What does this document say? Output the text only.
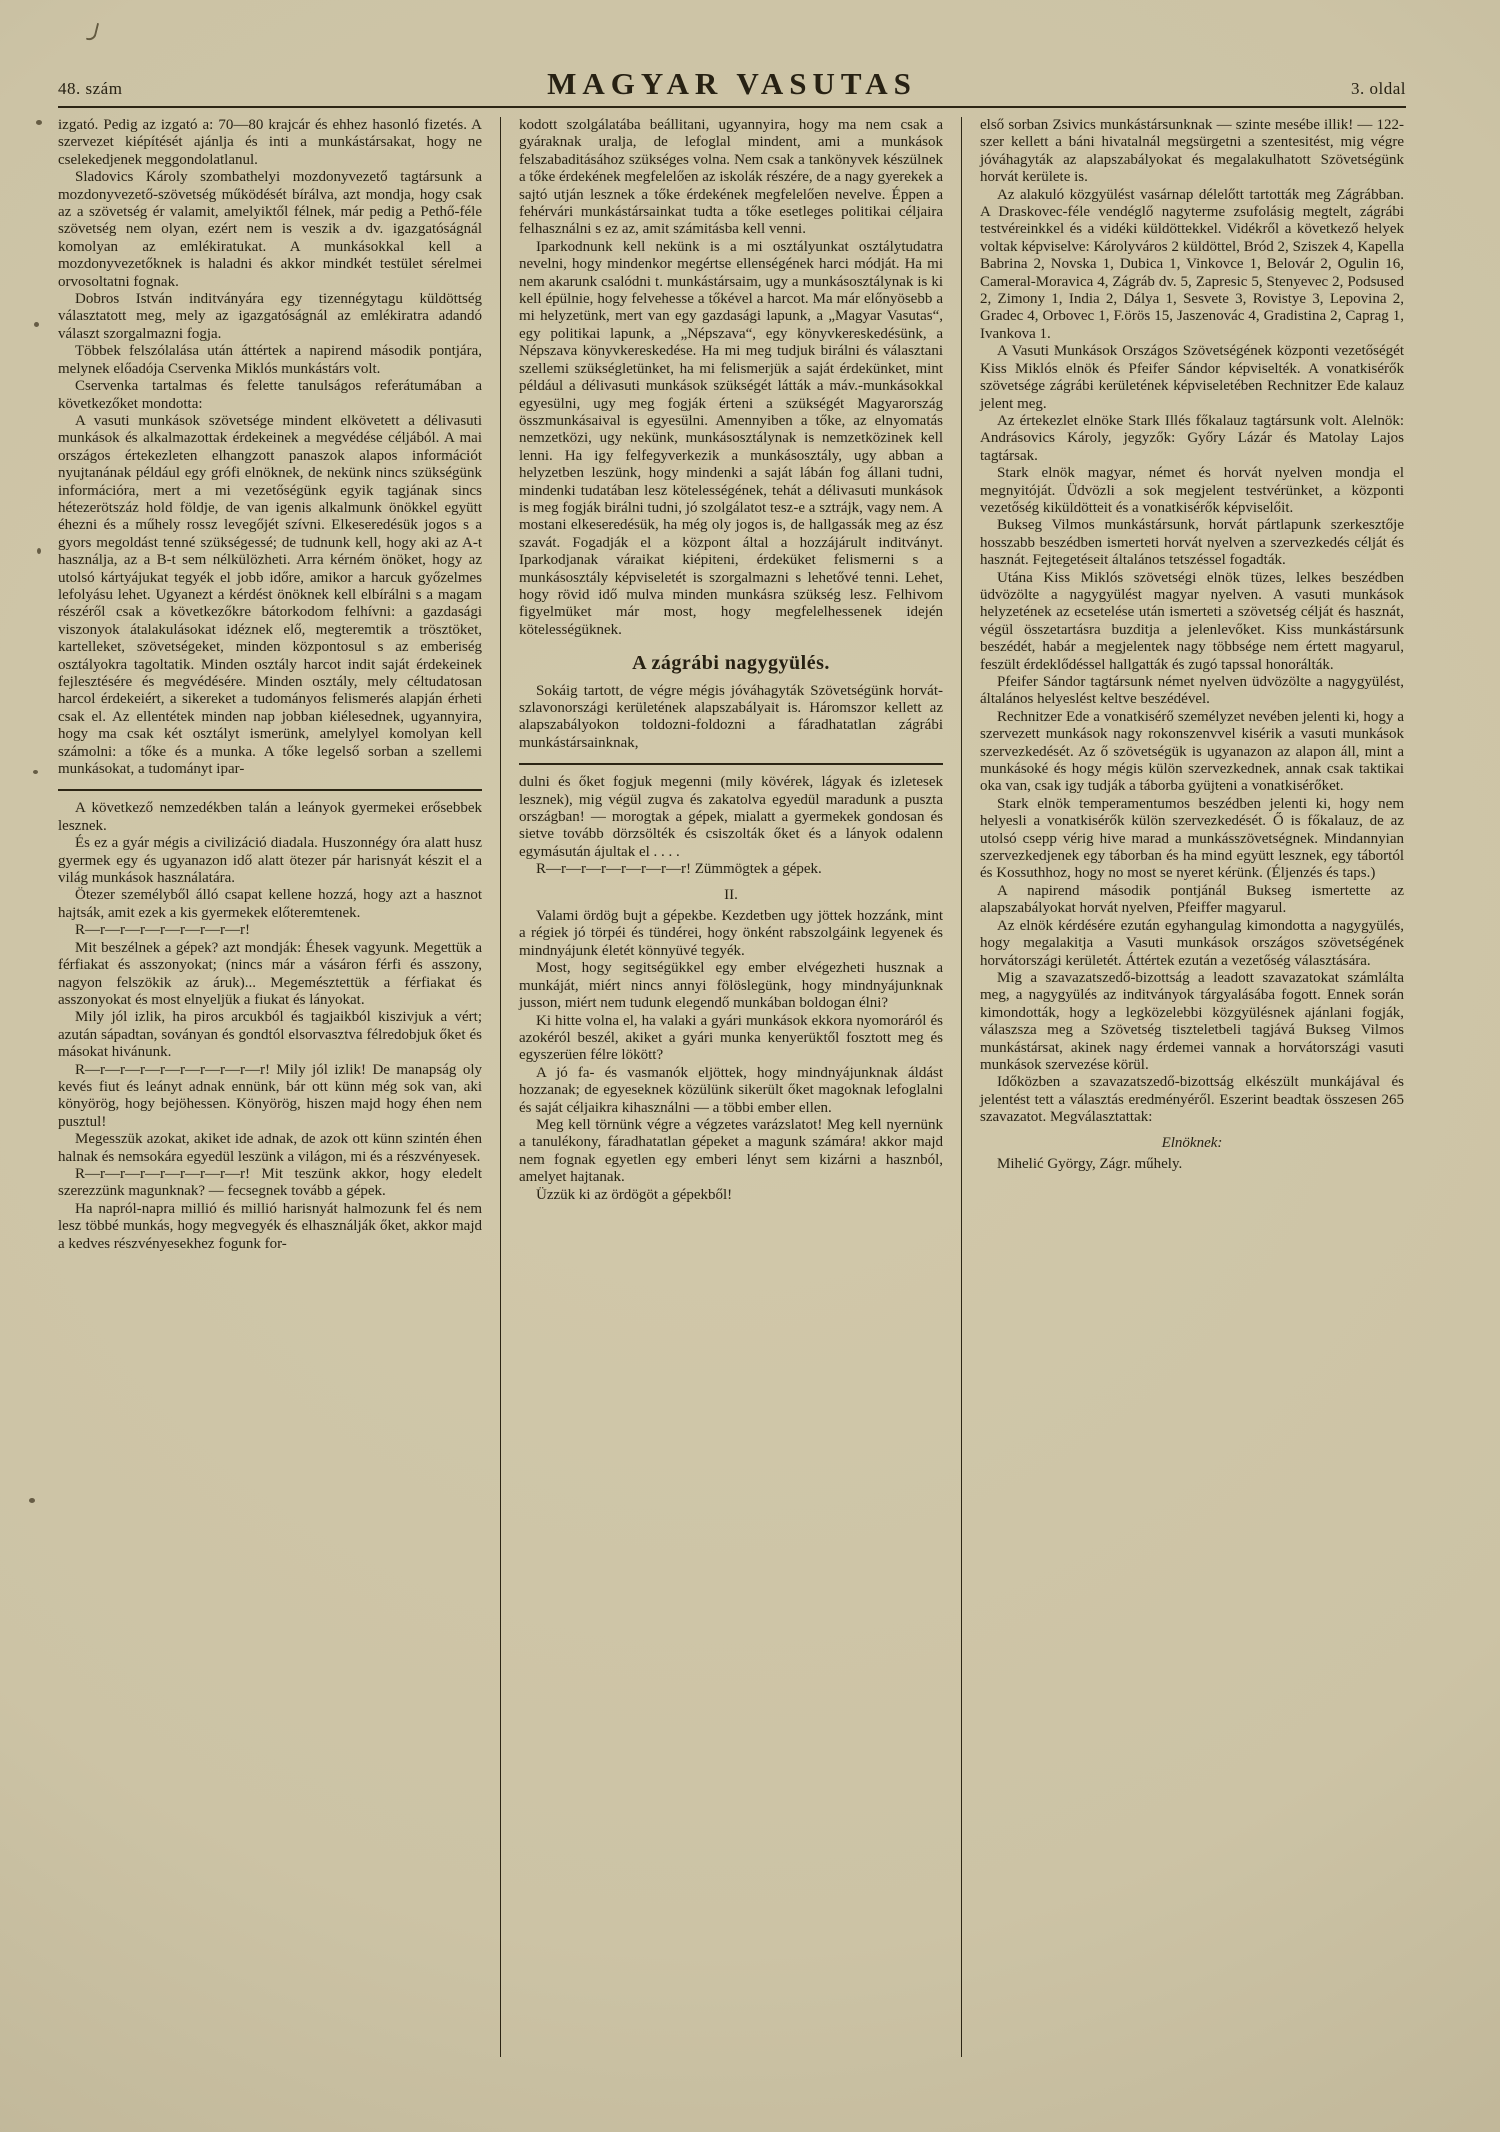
48. szám	MAGYAR VASUTAS	3. oldal

izgató. Pedig az izgató a: 70—80 krajcár és ehhez hasonló fizetés. A szervezet kiépítését ajánlja és inti a munkástársakat, hogy ne cselekedjenek meggondolatlanul.

Sladovics Károly szombathelyi mozdonyvezető tagtársunk a mozdonyvezető-szövetség működését bírálva, azt mondja, hogy csak az a szövetség ér valamit, amelyiktől félnek, már pedig a Pethő-féle szövetség nem olyan, ezért nem is veszik a dv. igazgatóságnál komolyan az emlékiratukat. A munkásokkal kell a mozdonyvezetőknek is haladni és akkor mindkét testület sérelmei orvosoltatni fognak.

Dobros István inditványára egy tizennégytagu küldöttség választatott meg, mely az igazgatóságnál az emlékiratra adandó választ szorgalmazni fogja.

Többek felszólalása után áttértek a napirend második pontjára, melynek előadója Cservenka Miklós munkástárs volt.

Cservenka tartalmas és felette tanulságos referátumában a következőket mondotta:

A vasuti munkások szövetsége mindent elkövetett a délivasuti munkások és alkalmazottak érdekeinek a megvédése céljából. A mai országos értekezleten elhangzott panaszok alapos információt nyujtanának például egy grófi elnöknek, de nekünk nincs szükségünk információra, mert a mi vezetőségünk egyik tagjának sincs hétezerötszáz hold földje, de van igenis alkalmunk önökkel együtt éhezni és a műhely rossz levegőjét szívni. Elkeseredésük jogos s a gyors megoldást tenné szükségessé; de tudnunk kell, hogy aki az A-t használja, az a B-t sem nélkülözheti. Arra kérném önöket, hogy az utolsó kártyájukat tegyék el jobb időre, amikor a harcuk győzelmes lefolyásu lehet. Ugyanezt a kérdést önöknek kell elbírálni s a magam részéről csak a következőkre bátorkodom felhívni: a gazdasági viszonyok átalakulásokat idéznek elő, megteremtik a trösztöket, kartelleket, szövetségeket, minden központosul s az emberiség osztályokra tagoltatik. Minden osztály harcot indit saját érdekeinek fejlesztésére és megvédésére. Minden osztály, mely céltudatosan harcol érdekeiért, a sikereket a tudományos felismerés alapján érheti csak el. Az ellentétek minden nap jobban kiélesednek, ugyannyira, hogy ma csak két osztályt ismerünk, amelylyel komolyan kell számolni: a tőke és a munka. A tőke legelső sorban a szellemi munkásokat, a tudományt ipar-

A következő nemzedékben talán a leányok gyermekei erősebbek lesznek.

És ez a gyár mégis a civilizáció diadala. Huszonnégy óra alatt husz gyermek egy és ugyanazon idő alatt ötezer pár harisnyát készit el a világ munkások használatára.

Ötezer személyből álló csapat kellene hozzá, hogy azt a hasznot hajtsák, amit ezek a kis gyermekek előteremtenek.

R—r—r—r—r—r—r—r—r!

Mit beszélnek a gépek? azt mondják: Éhesek vagyunk. Megettük a férfiakat és asszonyokat; (nincs már a vásáron férfi és asszony, nagyon felszökik az áruk)... Megemésztettük a férfiakat és asszonyokat és most elnyeljük a fiukat és lányokat.

Mily jól izlik, ha piros arcukból és tagjaikból kiszivjuk a vért; azután sápadtan, soványan és gondtól elsorvasztva félredobjuk őket és másokat hivánunk.

R—r—r—r—r—r—r—r—r—r! Mily jól izlik! De manapság oly kevés fiut és leányt adnak ennünk, bár ott künn még sok van, aki könyörög, hogy bejöhessen. Könyörög, hiszen majd hogy éhen nem pusztul!

Megesszük azokat, akiket ide adnak, de azok ott künn szintén éhen halnak és nemsokára egyedül leszünk a világon, mi és a részvényesek.

R—r—r—r—r—r—r—r—r! Mit teszünk akkor, hogy eledelt szerezzünk magunknak? — fecsegnek tovább a gépek.

Ha napról-napra millió és millió harisnyát halmozunk fel és nem lesz többé munkás, hogy megvegyék és elhasználják őket, akkor majd a kedves részvényesekhez fogunk for-

kodott szolgálatába beállitani, ugyannyira, hogy ma nem csak a gyáraknak uralja, de lefoglal mindent, ami a munkások felszabaditásához szükséges volna. Nem csak a tankönyvek készülnek a tőke érdekének megfelelően az iskolák részére, de a nagy gyerekek a sajtó utján lesznek a tőke érdekének megfelelően nevelve. Éppen a fehérvári munkástársainkat tudta a tőke esetleges politikai céljaira felhasználni s ez az, amit számitásba kell venni.

Iparkodnunk kell nekünk is a mi osztályunkat osztálytudatra nevelni, hogy mindenkor megértse ellenségének harci módját. Ha mi nem akarunk csalódni t. munkástársaim, ugy a munkásosztálynak is ki kell épülnie, hogy felvehesse a tőkével a harcot. Ma már előnyösebb a mi helyzetünk, mert van egy gazdasági lapunk, a „Magyar Vasutas“, egy politikai lapunk, a „Népszava“, egy könyvkereskedésünk, a Népszava könyvkereskedése. Ha mi meg tudjuk birálni és választani szellemi szükségletünket, ha mi felismerjük a saját érdekünket, mint például a délivasuti munkások szükségét látták a máv.-munkásokkal egyesülni, ugy meg fogják érteni a szükségét Magyarország összmunkásaival is egyesülni. Amennyiben a tőke, az elnyomatás nemzetközi, ugy nekünk, munkásosztálynak is nemzetközinek kell lenni. Ha igy felfegyverkezik a munkásosztály, ugy abban a helyzetben leszünk, hogy mindenki a saját lábán fog állani tudni, mindenki tudatában lesz kötelességének, tehát a délivasuti munkások is meg fogják birálni tudni, jó szolgálatot tesz-e a sztrájk, vagy nem. A mostani elkeseredésük, ha még oly jogos is, de hallgassák meg az ész szavát. Fogadják el a központ által a hozzájárult inditványt. Iparkodjanak váraikat kiépiteni, érdeküket felismerni s a munkásosztály képviseletét is szorgalmazni s lehetővé tenni. Lehet, hogy rövid idő mulva minden munkásra szükség lesz. Felhivom figyelmüket már most, hogy megfelelhessenek idején kötelességüknek.

A zágrábi nagygyülés.

Sokáig tartott, de végre mégis jóváhagyták Szövetségünk horvát-szlavonországi kerületének alapszabályait is. Háromszor kellett az alapszabályokon toldozni-foldozni a fáradhatatlan zágrábi munkástársainknak,

dulni és őket fogjuk megenni (mily kövérek, lágyak és izletesek lesznek), mig végül zugva és zakatolva egyedül maradunk a puszta országban! — morogtak a gépek, mialatt a gyermekek gondosan és sietve tovább dörzsölték és csiszolták őket és a lányok odalenn egymásután ájultak el . . . .

R—r—r—r—r—r—r—r! Zümmögtek a gépek.

II.

Valami ördög bujt a gépekbe. Kezdetben ugy jöttek hozzánk, mint a régiek jó törpéi és tündérei, hogy önként rabszolgáink legyenek és mindnyájunk életét könnyüvé tegyék.

Most, hogy segitségükkel egy ember elvégezheti husznak a munkáját, miért nincs annyi fölöslegünk, hogy mindnyájunknak jusson, miért nem tudunk elegendő munkában boldogan élni?

Ki hitte volna el, ha valaki a gyári munkások ekkora nyomoráról és azokéról beszél, akiket a gyári munka kenyerüktől fosztott meg és egyszerüen félre lökött?

A jó fa- és vasmanók eljöttek, hogy mindnyájunknak áldást hozzanak; de egyeseknek közülünk sikerült őket magoknak lefoglalni és saját céljaikra kihasználni — a többi ember ellen.

Meg kell törnünk végre a végzetes varázslatot! Meg kell nyernünk a tanulékony, fáradhatatlan gépeket a magunk számára! akkor majd nem fognak egyetlen egy emberi lényt sem kizárni a hasznból, amelyet hajtanak.

Üzzük ki az ördögöt a gépekből!

első sorban Zsivics munkástársunknak — szinte mesébe illik! — 122-szer kellett a báni hivatalnál megsürgetni a szentesitést, mig végre jóváhagyták az alapszabályokat és megalakulhatott Szövetségünk horvát kerülete is.

Az alakuló közgyülést vasárnap délelőtt tartották meg Zágrábban. A Draskovec-féle vendéglő nagyterme zsufolásig megtelt, zágrábi testvéreinkkel és a vidéki küldöttekkel. Vidékről a következő helyek voltak képviselve: Károlyváros 2 küldöttel, Bród 2, Sziszek 4, Kapella Babrina 2, Novska 1, Dubica 1, Vinkovce 1, Belovár 2, Ogulin 16, Cameral-Moravica 4, Zágráb dv. 5, Zapresic 5, Stenyevec 2, Podsused 2, Zimony 1, India 2, Dálya 1, Sesvete 3, Rovistye 3, Lepovina 2, Gradec 4, Orbovec 1, F.örös 15, Jaszenovác 4, Gradistina 2, Caprag 1, Ivankova 1.

A Vasuti Munkások Országos Szövetségének központi vezetőségét Kiss Miklós elnök és Pfeifer Sándor képviselték. A vonatkisérők szövetsége zágrábi kerületének képviseletében Rechnitzer Ede kalauz jelent meg.

Az értekezlet elnöke Stark Illés főkalauz tagtársunk volt. Alelnök: Andrásovics Károly, jegyzők: Győry Lázár és Matolay Lajos tagtársak.

Stark elnök magyar, német és horvát nyelven mondja el megnyitóját. Üdvözli a sok megjelent testvérünket, a központi vezetőség kiküldötteit és a vonatkisérők képviselőit.

Bukseg Vilmos munkástársunk, horvát pártlapunk szerkesztője hosszabb beszédben ismerteti horvát nyelven a szervezkedés célját és hasznát. Fejtegetéseit általános tetszéssel fogadták.

Utána Kiss Miklós szövetségi elnök tüzes, lelkes beszédben üdvözölte a nagygyülést magyar nyelven. A vasuti munkások helyzetének az ecsetelése után ismerteti a szövetség célját és hasznát, végül összetartásra buzditja a jelenlevőket. Kiss munkástársunk beszédét, habár a megjelentek nagy többsége nem értett magyarul, feszült érdeklődéssel hallgatták és zugó tapssal honorálták.

Pfeifer Sándor tagtársunk német nyelven üdvözölte a nagygyülést, általános helyeslést keltve beszédével.

Rechnitzer Ede a vonatkisérő személyzet nevében jelenti ki, hogy a szervezett munkások nagy rokonszenvvel kisérik a vasuti munkások szervezkedését. Az ő szövetségük is ugyanazon az alapon áll, mint a munkásoké és hogy mégis külön szervezkednek, annak csak taktikai oka van, csak igy tudják a táborba gyüjteni a vonatkisérőket.

Stark elnök temperamentumos beszédben jelenti ki, hogy nem helyesli a vonatkisérők külön szervezkedését. Ő is főkalauz, de az utolsó csepp vérig hive marad a munkásszövetségnek. Mindannyian szervezkedjenek egy táborban és ha mind együtt lesznek, egy tábortól és Kossuthhoz, hogy no most se nyeret kérünk. (Éljenzés és taps.)

A napirend második pontjánál Bukseg ismertette az alapszabályokat horvát nyelven, Pfeiffer magyarul.

Az elnök kérdésére ezután egyhangulag kimondotta a nagygyülés, hogy megalakitja a Vasuti munkások országos szövetségének horvátországi kerületét. Áttértek ezután a vezetőség választására.

Mig a szavazatszedő-bizottság a leadott szavazatokat számlálta meg, a nagygyülés az inditványok tárgyalásába fogott. Ennek során kimondották, hogy a legközelebbi közgyülésnek ajánlani fogják, válaszsza meg a Szövetség tiszteletbeli tagjává Bukseg Vilmos munkástársat, akinek nagy érdemei vannak a horvátországi vasuti munkások szervezése körül.

Időközben a szavazatszedő-bizottság elkészült munkájával és jelentést tett a választás eredményéről. Eszerint beadtak összesen 265 szavazatot. Megválasztattak:

Elnöknek:

Mihelić György, Zágr. műhely.
